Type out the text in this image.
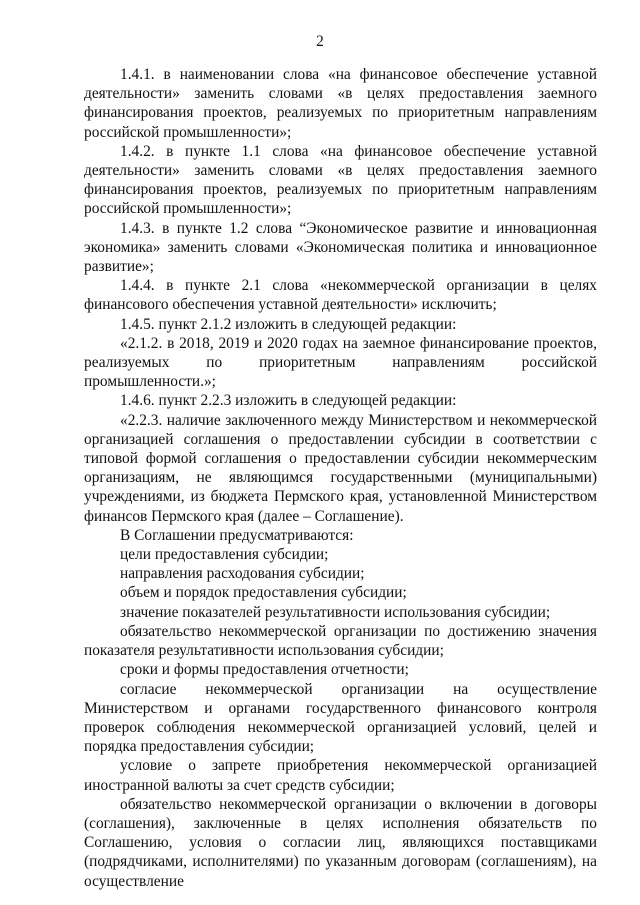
2

1.4.1. в наименовании слова «на финансовое обеспечение уставной деятельности» заменить словами «в целях предоставления заемного финансирования проектов, реализуемых по приоритетным направлениям российской промышленности»;

1.4.2. в пункте 1.1 слова «на финансовое обеспечение уставной деятельности» заменить словами «в целях предоставления заемного финансирования проектов, реализуемых по приоритетным направлениям российской промышленности»;

1.4.3. в пункте 1.2 слова “Экономическое развитие и инновационная экономика» заменить словами «Экономическая политика и инновационное развитие»;

1.4.4. в пункте 2.1 слова «некоммерческой организации в целях финансового обеспечения уставной деятельности» исключить;

1.4.5. пункт 2.1.2 изложить в следующей редакции:

«2.1.2. в 2018, 2019 и 2020 годах на заемное финансирование проектов, реализуемых по приоритетным направлениям российской промышленности.»;

1.4.6. пункт 2.2.3 изложить в следующей редакции:

«2.2.3. наличие заключенного между Министерством и некоммерческой организацией соглашения о предоставлении субсидии в соответствии с типовой формой соглашения о предоставлении субсидии некоммерческим организациям, не являющимся государственными (муниципальными) учреждениями, из бюджета Пермского края, установленной Министерством финансов Пермского края (далее – Соглашение).

В Соглашении предусматриваются:

цели предоставления субсидии;

направления расходования субсидии;

объем и порядок предоставления субсидии;

значение показателей результативности использования субсидии;

обязательство некоммерческой организации по достижению значения показателя результативности использования субсидии;

сроки и формы предоставления отчетности;

согласие некоммерческой организации на осуществление Министерством и органами государственного финансового контроля проверок соблюдения некоммерческой организацией условий, целей и порядка предоставления субсидии;

условие о запрете приобретения некоммерческой организацией иностранной валюты за счет средств субсидии;

обязательство некоммерческой организации о включении в договоры (соглашения), заключенные в целях исполнения обязательств по Соглашению, условия о согласии лиц, являющихся поставщиками (подрядчиками, исполнителями) по указанным договорам (соглашениям), на осуществление
